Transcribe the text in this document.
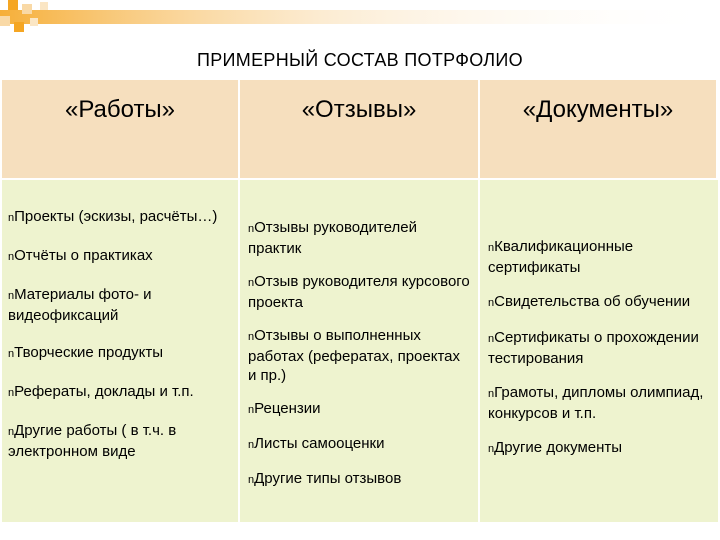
ПРИМЕРНЫЙ СОСТАВ ПОТРФОЛИО
«Работы»	«Отзывы»	«Документы»

nПроекты (эскизы, расчёты…)

nОтчёты о практиках

nМатериалы фото- и видеофиксаций

nТворческие продукты

nРефераты, доклады и т.п.

nДругие работы ( в т.ч. в электронном виде

nОтзывы руководителей практик

nОтзыв руководителя курсового проекта

nОтзывы о выполненных работах (рефератах, проектах и пр.)

nРецензии

nЛисты самооценки

nДругие типы отзывов

nКвалификационные сертификаты

nСвидетельства об обучении

nСертификаты о прохождении тестирования

nГрамоты, дипломы олимпиад, конкурсов и т.п.

nДругие документы
